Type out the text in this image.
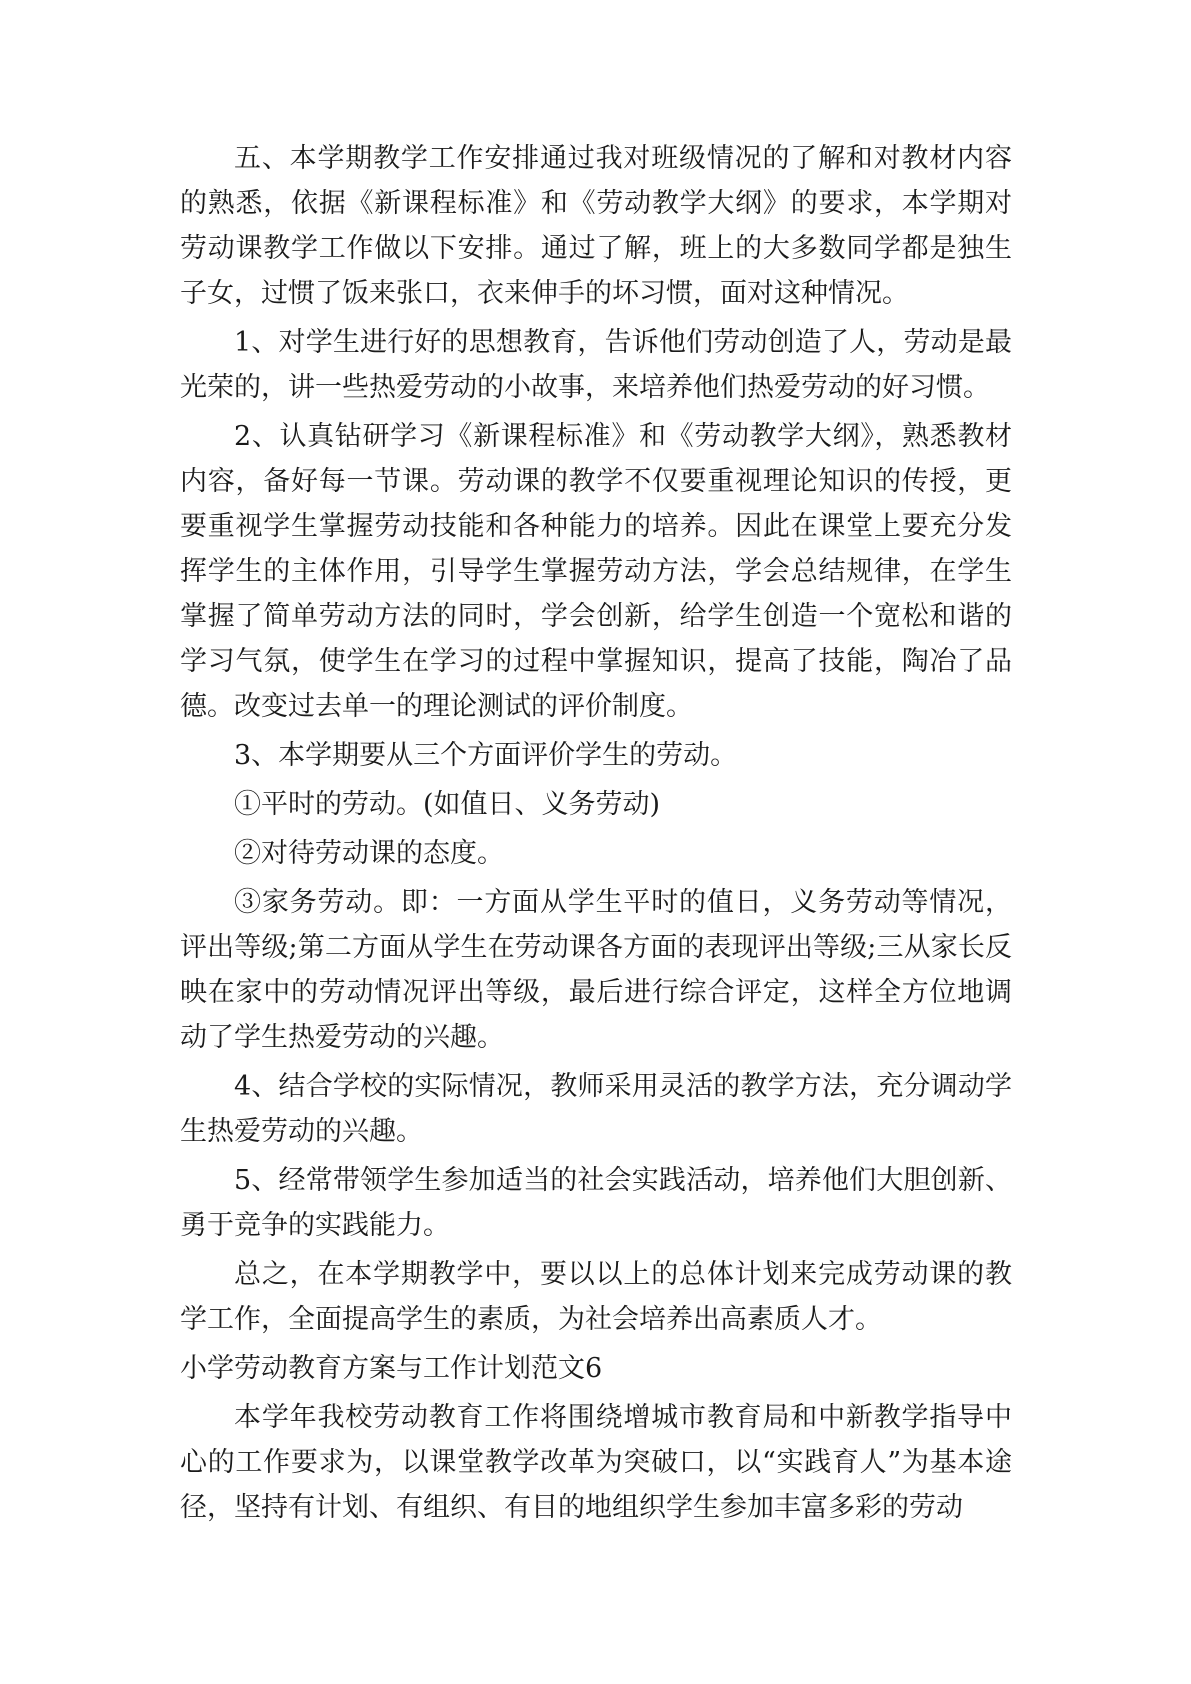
五、本学期教学工作安排通过我对班级情况的了解和对教材内容的熟悉，依据《新课程标准》和《劳动教学大纲》的要求，本学期对劳动课教学工作做以下安排。通过了解，班上的大多数同学都是独生子女，过惯了饭来张口，衣来伸手的坏习惯，面对这种情况。

1、对学生进行好的思想教育，告诉他们劳动创造了人，劳动是最光荣的，讲一些热爱劳动的小故事，来培养他们热爱劳动的好习惯。

2、认真钻研学习《新课程标准》和《劳动教学大纲》，熟悉教材内容，备好每一节课。劳动课的教学不仅要重视理论知识的传授，更要重视学生掌握劳动技能和各种能力的培养。因此在课堂上要充分发挥学生的主体作用，引导学生掌握劳动方法，学会总结规律，在学生掌握了简单劳动方法的同时，学会创新，给学生创造一个宽松和谐的学习气氛，使学生在学习的过程中掌握知识，提高了技能，陶冶了品德。改变过去单一的理论测试的评价制度。

3、本学期要从三个方面评价学生的劳动。

①平时的劳动。(如值日、义务劳动)

②对待劳动课的态度。

③家务劳动。即：一方面从学生平时的值日，义务劳动等情况，评出等级;第二方面从学生在劳动课各方面的表现评出等级;三从家长反映在家中的劳动情况评出等级，最后进行综合评定，这样全方位地调动了学生热爱劳动的兴趣。

4、结合学校的实际情况，教师采用灵活的教学方法，充分调动学生热爱劳动的兴趣。

5、经常带领学生参加适当的社会实践活动，培养他们大胆创新、勇于竞争的实践能力。

总之，在本学期教学中，要以以上的总体计划来完成劳动课的教学工作，全面提高学生的素质，为社会培养出高素质人才。

小学劳动教育方案与工作计划范文6

本学年我校劳动教育工作将围绕增城市教育局和中新教学指导中心的工作要求为，以课堂教学改革为突破口，以“实践育人”为基本途径，坚持有计划、有组织、有目的地组织学生参加丰富多彩的劳动
